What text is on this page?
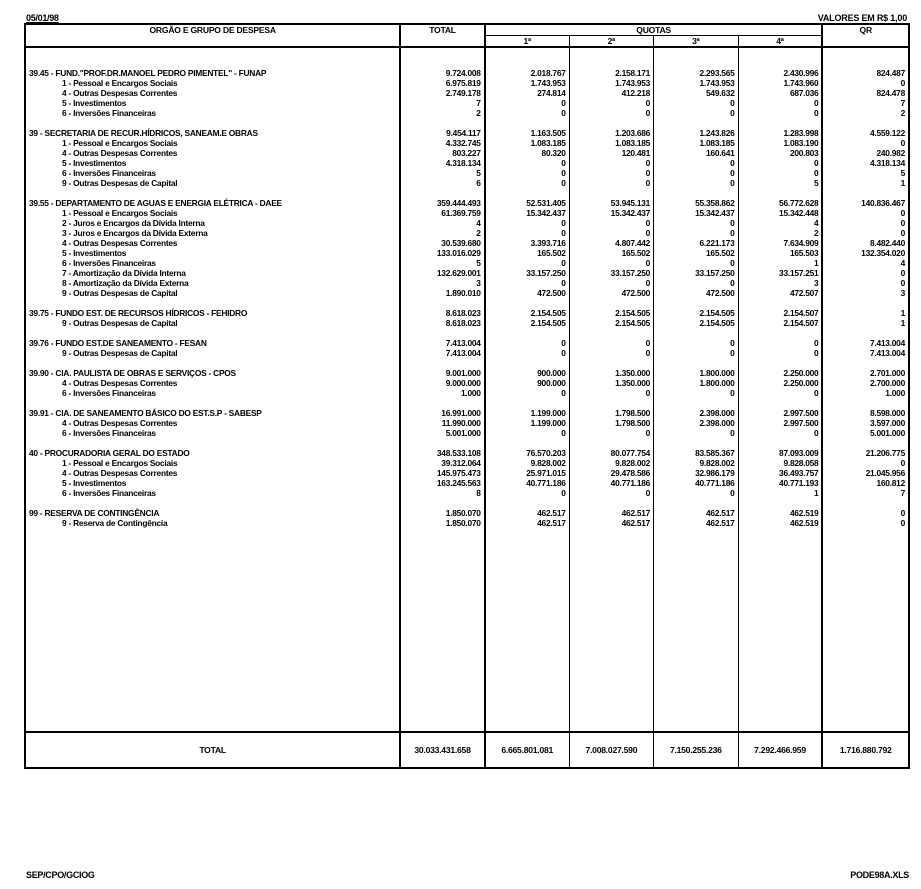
05/01/98	VALORES EM R$ 1,00
ORGÃO E GRUPO DE DESPESA	TOTAL	QUOTAS				QR
		1ª	2ª	3ª	4ª	

39.45 - FUND."PROF.DR.MANOEL PEDRO PIMENTEL" - FUNAP	9.724.008	2.018.767	2.158.171	2.293.565	2.430.996	824.487
1 - Pessoal e Encargos Sociais	6.975.819	1.743.953	1.743.953	1.743.953	1.743.960	0
4 - Outras Despesas Correntes	2.749.178	274.814	412.218	549.632	687.036	824.478
5 - Investimentos	7	0	0	0	0	7
6 - Inversões Financeiras	2	0	0	0	0	2

39 - SECRETARIA DE RECUR.HÍDRICOS, SANEAM.E OBRAS	9.454.117	1.163.505	1.203.686	1.243.826	1.283.998	4.559.122
1 - Pessoal e Encargos Sociais	4.332.745	1.083.185	1.083.185	1.083.185	1.083.190	0
4 - Outras Despesas Correntes	803.227	80.320	120.481	160.641	200.803	240.982
5 - Investimentos	4.318.134	0	0	0	0	4.318.134
6 - Inversões Financeiras	5	0	0	0	0	5
9 - Outras Despesas de Capital	6	0	0	0	5	1

39.55 - DEPARTAMENTO DE AGUAS E ENERGIA ELÉTRICA - DAEE	359.444.493	52.531.405	53.945.131	55.358.862	56.772.628	140.836.467
1 - Pessoal e Encargos Sociais	61.369.759	15.342.437	15.342.437	15.342.437	15.342.448	0
2 - Juros e Encargos da Dívida Interna	4	0	0	0	4	0
3 - Juros e Encargos da Dívida Externa	2	0	0	0	2	0
4 - Outras Despesas Correntes	30.539.680	3.393.716	4.807.442	6.221.173	7.634.909	8.482.440
5 - Investimentos	133.016.029	165.502	165.502	165.502	165.503	132.354.020
6 - Inversões Financeiras	5	0	0	0	1	4
7 - Amortização da Dívida Interna	132.629.001	33.157.250	33.157.250	33.157.250	33.157.251	0
8 - Amortização da Dívida Externa	3	0	0	0	3	0
9 - Outras Despesas de Capital	1.890.010	472.500	472.500	472.500	472.507	3

39.75 - FUNDO EST. DE RECURSOS HÍDRICOS - FEHIDRO	8.618.023	2.154.505	2.154.505	2.154.505	2.154.507	1
9 - Outras Despesas de Capital	8.618.023	2.154.505	2.154.505	2.154.505	2.154.507	1

39.76 - FUNDO EST.DE SANEAMENTO - FESAN	7.413.004	0	0	0	0	7.413.004
9 - Outras Despesas de Capital	7.413.004	0	0	0	0	7.413.004

39.90 - CIA. PAULISTA DE OBRAS E SERVIÇOS - CPOS	9.001.000	900.000	1.350.000	1.800.000	2.250.000	2.701.000
4 - Outras Despesas Correntes	9.000.000	900.000	1.350.000	1.800.000	2.250.000	2.700.000
6 - Inversões Financeiras	1.000	0	0	0	0	1.000

39.91 - CIA. DE SANEAMENTO BÁSICO DO EST.S.P - SABESP	16.991.000	1.199.000	1.798.500	2.398.000	2.997.500	8.598.000
4 - Outras Despesas Correntes	11.990.000	1.199.000	1.798.500	2.398.000	2.997.500	3.597.000
6 - Inversões Financeiras	5.001.000	0	0	0	0	5.001.000

40 - PROCURADORIA GERAL DO ESTADO	348.533.108	76.570.203	80.077.754	83.585.367	87.093.009	21.206.775
1 - Pessoal e Encargos Sociais	39.312.064	9.828.002	9.828.002	9.828.002	9.828.058	0
4 - Outras Despesas Correntes	145.975.473	25.971.015	29.478.586	32.986.179	36.493.757	21.045.956
5 - Investimentos	163.245.563	40.771.186	40.771.186	40.771.186	40.771.193	160.812
6 - Inversões Financeiras	8	0	0	0	1	7

99 - RESERVA DE CONTINGÊNCIA	1.850.070	462.517	462.517	462.517	462.519	0
9 - Reserva de Contingência	1.850.070	462.517	462.517	462.517	462.519	0

TOTAL	30.033.431.658	6.665.801.081	7.008.027.590	7.150.255.236	7.292.466.959	1.716.880.792
SEP/CPO/GCIOG	PODE98A.XLS
